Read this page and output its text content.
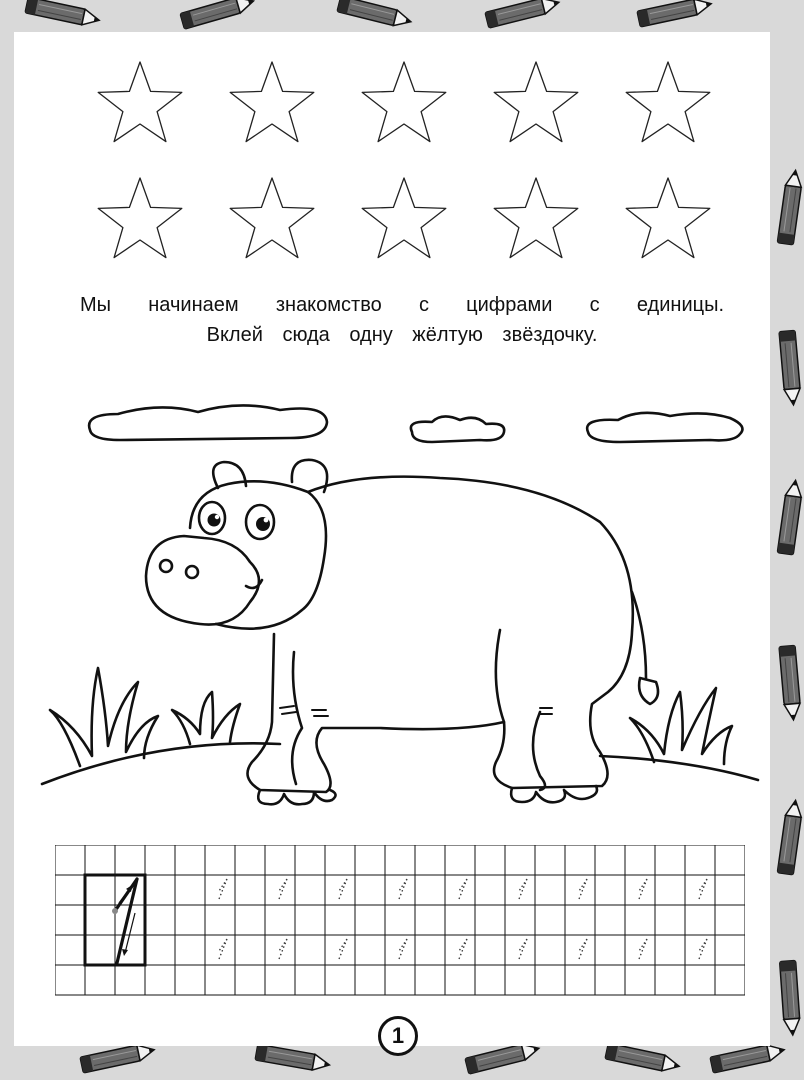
Мы начинаем знакомство с цифрами с единицы.
Вклей сюда одну жёлтую звёздочку.
1
